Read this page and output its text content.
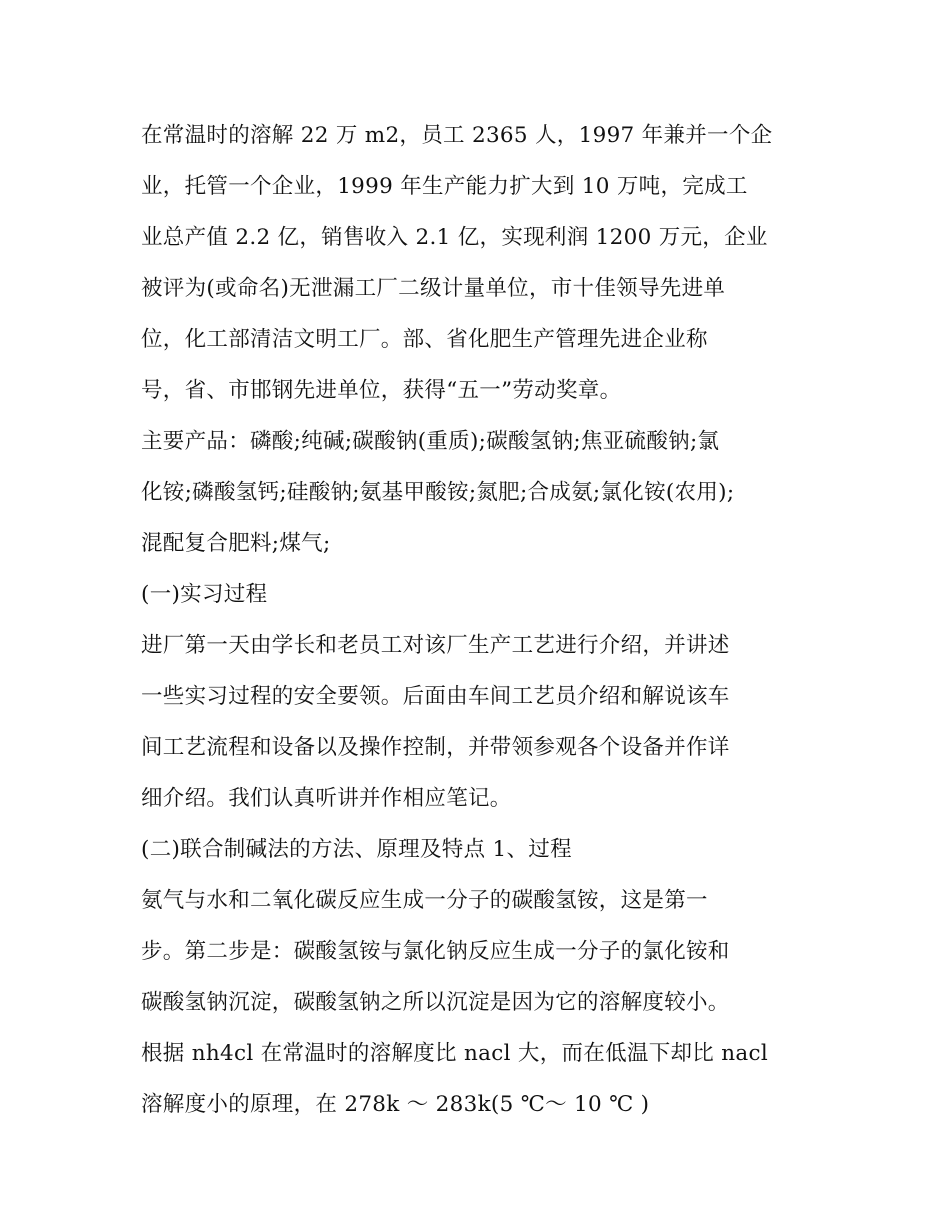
在常温时的溶解 22 万 m2，员工 2365 人，1997 年兼并一个企
业，托管一个企业，1999 年生产能力扩大到 10 万吨，完成工
业总产值 2.2 亿，销售收入 2.1 亿，实现利润 1200 万元，企业
被评为(或命名)无泄漏工厂二级计量单位，市十佳领导先进单
位，化工部清洁文明工厂。部、省化肥生产管理先进企业称
号，省、市邯钢先进单位，获得“五一”劳动奖章。
主要产品：磷酸;纯碱;碳酸钠(重质);碳酸氢钠;焦亚硫酸钠;氯
化铵;磷酸氢钙;硅酸钠;氨基甲酸铵;氮肥;合成氨;氯化铵(农用);
混配复合肥料;煤气;
(一)实习过程
进厂第一天由学长和老员工对该厂生产工艺进行介绍，并讲述
一些实习过程的安全要领。后面由车间工艺员介绍和解说该车
间工艺流程和设备以及操作控制，并带领参观各个设备并作详
细介绍。我们认真听讲并作相应笔记。
(二)联合制碱法的方法、原理及特点 1、过程
氨气与水和二氧化碳反应生成一分子的碳酸氢铵，这是第一
步。第二步是：碳酸氢铵与氯化钠反应生成一分子的氯化铵和
碳酸氢钠沉淀，碳酸氢钠之所以沉淀是因为它的溶解度较小。
根据 nh4cl 在常温时的溶解度比 nacl 大，而在低温下却比 nacl
溶解度小的原理，在 278k ～ 283k(5 ℃～ 10 ℃ )
